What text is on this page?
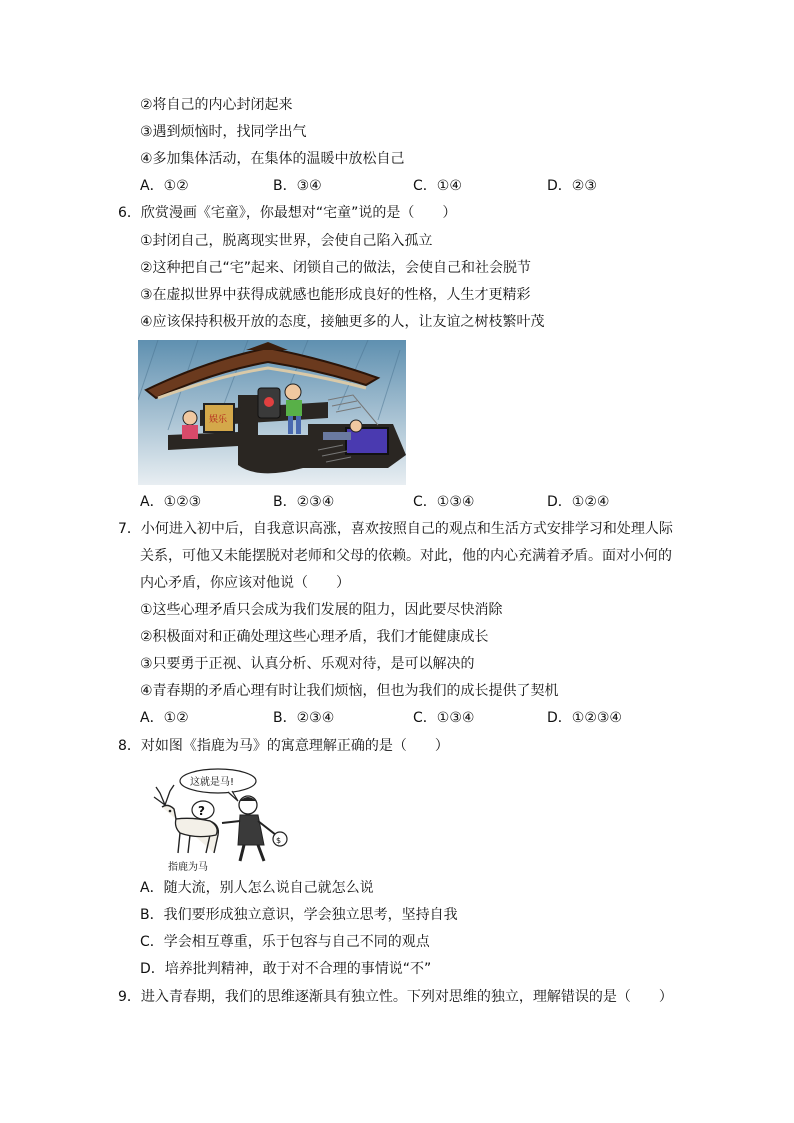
②将自己的内心封闭起来
③遇到烦恼时，找同学出气
④多加集体活动，在集体的温暖中放松自己
A．①②	B．③④	C．①④	D．②③
6．欣赏漫画《宅童》，你最想对“宅童”说的是（　　）
①封闭自己，脱离现实世界，会使自己陷入孤立
②这种把自己“宅”起来、闭锁自己的做法，会使自己和社会脱节
③在虚拟世界中获得成就感也能形成良好的性格，人生才更精彩
④应该保持积极开放的态度，接触更多的人，让友谊之树枝繁叶茂
娱乐
A．①②③	B．②③④	C．①③④	D．①②④
7．小何进入初中后，自我意识高涨，喜欢按照自己的观点和生活方式安排学习和处理人际
关系，可他又未能摆脱对老师和父母的依赖。对此，他的内心充满着矛盾。面对小何的
内心矛盾，你应该对他说（　　）
①这些心理矛盾只会成为我们发展的阻力，因此要尽快消除
②积极面对和正确处理这些心理矛盾，我们才能健康成长
③只要勇于正视、认真分析、乐观对待，是可以解决的
④青春期的矛盾心理有时让我们烦恼，但也为我们的成长提供了契机
A．①②	B．②③④	C．①③④	D．①②③④
8．对如图《指鹿为马》的寓意理解正确的是（　　）
这就是马!
?
$
指鹿为马
A．随大流，别人怎么说自己就怎么说
B．我们要形成独立意识，学会独立思考，坚持自我
C．学会相互尊重，乐于包容与自己不同的观点
D．培养批判精神，敢于对不合理的事情说“不”
9．进入青春期，我们的思维逐渐具有独立性。下列对思维的独立，理解错误的是（　　）
